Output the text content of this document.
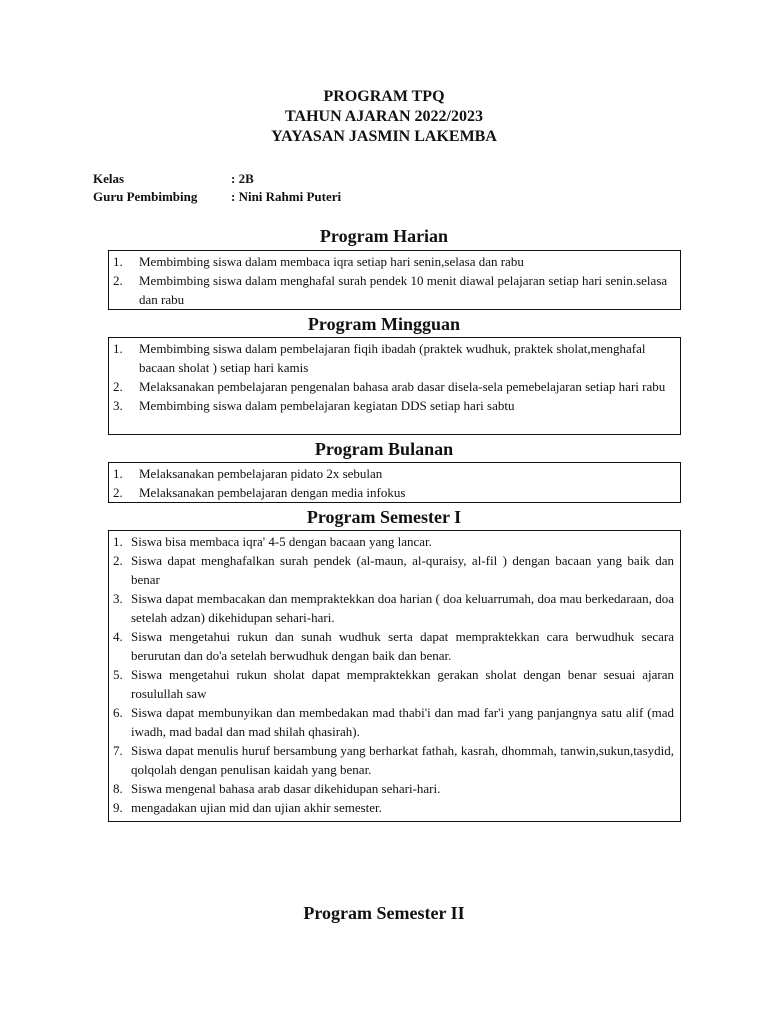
PROGRAM TPQ
TAHUN AJARAN 2022/2023
YAYASAN JASMIN LAKEMBA
Kelas	: 2B
Guru Pembimbing	: Nini Rahmi Puteri
Program Harian
1.	Membimbing siswa dalam membaca iqra setiap hari senin,selasa dan rabu
2.	Membimbing siswa dalam menghafal surah pendek 10 menit diawal pelajaran setiap hari senin.selasa dan rabu
Program Mingguan
1.	Membimbing siswa dalam pembelajaran fiqih ibadah (praktek wudhuk, praktek sholat,menghafal bacaan sholat ) setiap hari kamis
2.	Melaksanakan pembelajaran pengenalan bahasa arab dasar disela-sela pemebelajaran setiap hari rabu
3.	Membimbing siswa dalam pembelajaran kegiatan DDS setiap hari sabtu
Program Bulanan
1.	Melaksanakan pembelajaran pidato 2x sebulan
2.	Melaksanakan pembelajaran dengan media infokus
Program Semester I
1. Siswa bisa membaca iqra' 4-5 dengan bacaan yang lancar.
2. Siswa dapat menghafalkan surah pendek (al-maun, al-quraisy, al-fil ) dengan bacaan yang baik dan benar
3. Siswa dapat membacakan dan mempraktekkan doa harian ( doa keluarrumah, doa mau berkedaraan, doa setelah adzan) dikehidupan sehari-hari.
4. Siswa mengetahui rukun dan sunah wudhuk serta dapat mempraktekkan cara berwudhuk secara berurutan dan do'a setelah berwudhuk dengan baik dan benar.
5. Siswa mengetahui rukun sholat dapat mempraktekkan gerakan sholat dengan benar sesuai ajaran rosulullah saw
6. Siswa dapat membunyikan dan membedakan mad thabi'i dan mad far'i yang panjangnya satu alif (mad iwadh, mad badal dan mad shilah qhasirah).
7. Siswa dapat menulis huruf bersambung yang berharkat fathah, kasrah, dhommah, tanwin,sukun,tasydid, qolqolah dengan penulisan kaidah yang benar.
8. Siswa mengenal bahasa arab dasar dikehidupan sehari-hari.
9. mengadakan ujian mid dan ujian akhir semester.
Program Semester II
